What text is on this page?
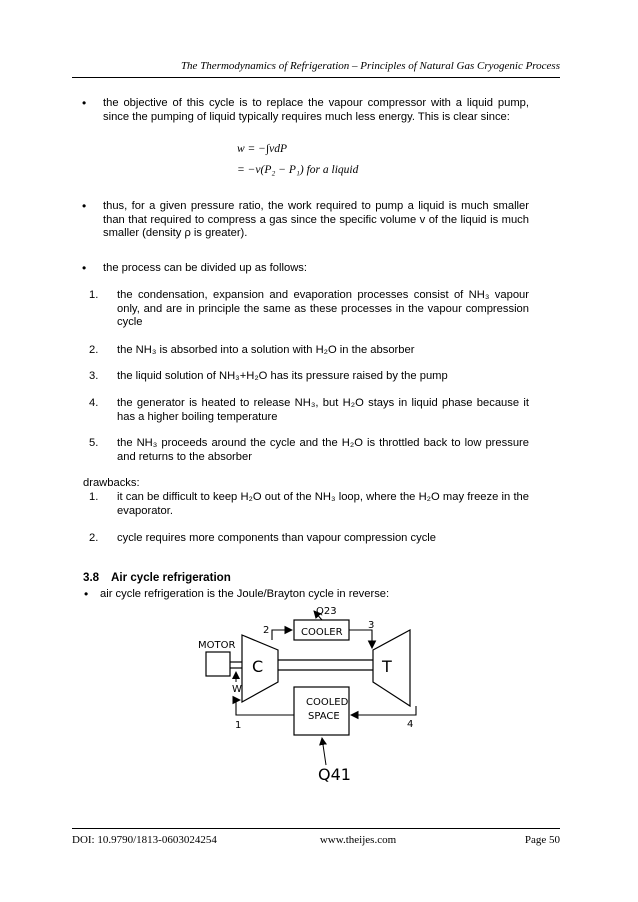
The Thermodynamics of Refrigeration – Principles of Natural Gas Cryogenic Process
• the objective of this cycle is to replace the vapour compressor with a liquid pump, since the pumping of liquid typically requires much less energy. This is clear since:
w = −∫vdP
= −v(P₂ − P₁) for a liquid
• thus, for a given pressure ratio, the work required to pump a liquid is much smaller than that required to compress a gas since the specific volume v of the liquid is much smaller (density ρ is greater).
• the process can be divided up as follows:
1. the condensation, expansion and evaporation processes consist of NH₃ vapour only, and are in principle the same as these processes in the vapour compression cycle
2. the NH₃ is absorbed into a solution with H₂O in the absorber
3. the liquid solution of NH₃+H₂O has its pressure raised by the pump
4. the generator is heated to release NH₃, but H₂O stays in liquid phase because it has a higher boiling temperature
5. the NH₃ proceeds around the cycle and the H₂O is throttled back to low pressure and returns to the absorber
drawbacks:
1. it can be difficult to keep H₂O out of the NH₃ loop, where the H₂O may freeze in the evaporator.
2. cycle requires more components than vapour compression cycle
3.8 Air cycle refrigeration
• air cycle refrigeration is the Joule/Brayton cycle in reverse:
MOTOR
W
C	T
COOLER
Q23
2	3
COOLED
SPACE
Q41
1	4
DOI: 10.9790/1813-0603024254	www.theijes.com	Page 50
